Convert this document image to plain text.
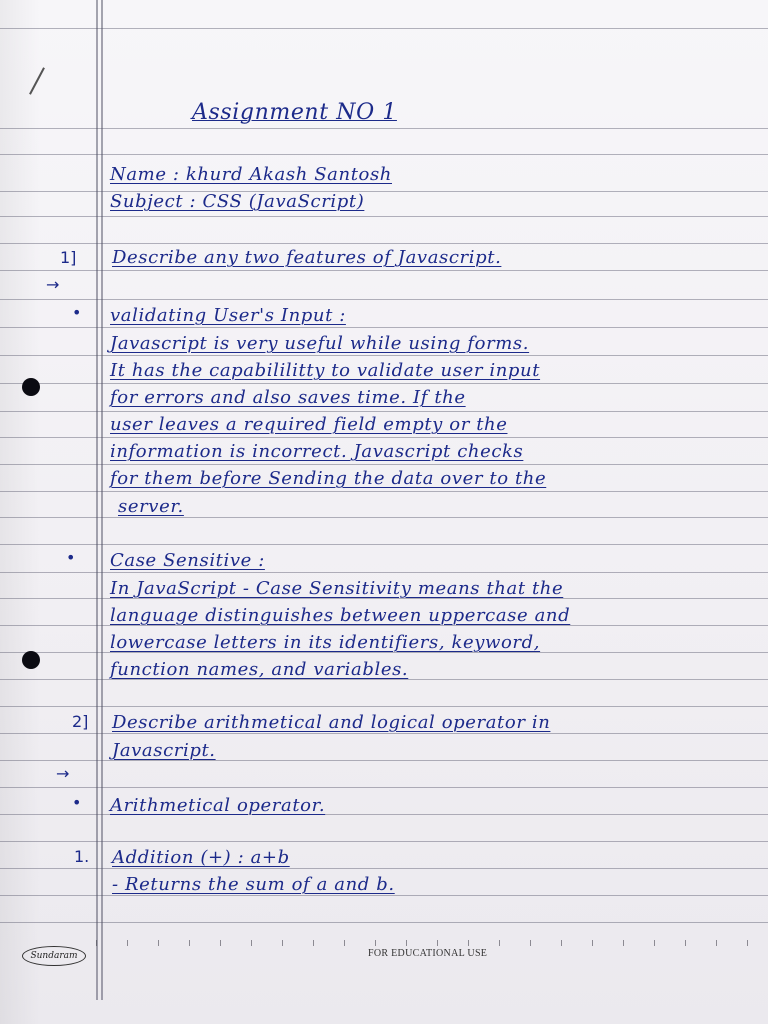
Assignment NO 1
Name : khurd Akash Santosh
Subject : CSS (JavaScript)
1] Describe any two features of Javascript.
→
• validating User's Input :
Javascript is very useful while using forms.
It has the capabililitty to validate user input
for errors and also saves time. If the
user leaves a required field empty or the
information is incorrect. Javascript checks
for them before Sending the data over to the
server.
• Case Sensitive :
In JavaScript - Case Sensitivity means that the
language distinguishes between uppercase and
lowercase letters in its identifiers, keyword,
function names, and variables.
2] Describe arithmetical and logical operator in
Javascript.
→
• Arithmetical operator.
1. Addition (+) : a+b
- Returns the sum of a and b.
Sundaram	FOR EDUCATIONAL USE
